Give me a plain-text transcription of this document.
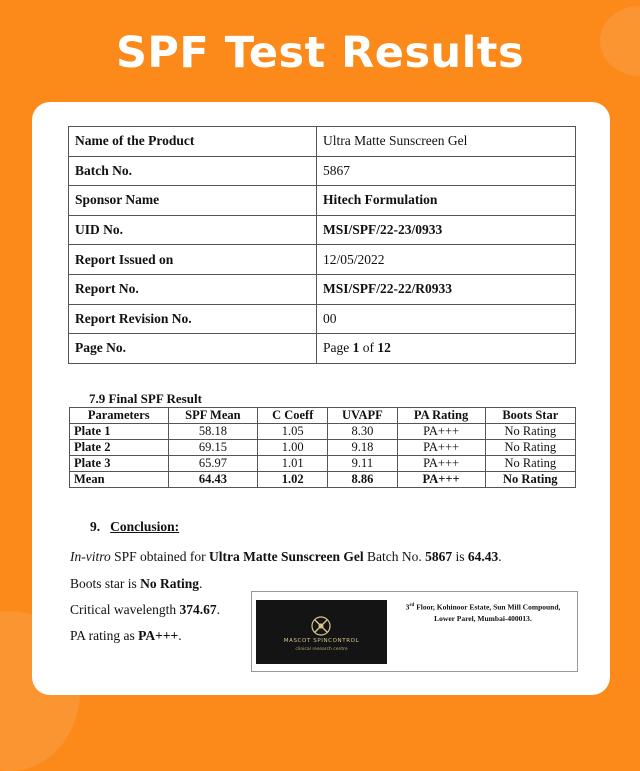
SPF Test Results
Name of the Product	Ultra Matte Sunscreen Gel
Batch No.	5867
Sponsor Name	Hitech Formulation
UID No.	MSI/SPF/22-23/0933
Report Issued on	12/05/2022
Report No.	MSI/SPF/22-22/R0933
Report Revision No.	00
Page No.	Page 1 of 12
7.9 Final SPF Result
Parameters	SPF Mean	C Coeff	UVAPF	PA Rating	Boots Star
Plate 1	58.18	1.05	8.30	PA+++	No Rating
Plate 2	69.15	1.00	9.18	PA+++	No Rating
Plate 3	65.97	1.01	9.11	PA+++	No Rating
Mean	64.43	1.02	8.86	PA+++	No Rating
9. Conclusion:
In-vitro SPF obtained for Ultra Matte Sunscreen Gel Batch No. 5867 is 64.43.
Boots star is No Rating.
Critical wavelength 374.67.
PA rating as PA+++.	MASCOT SPINCONTROL
clinical research centre
3rd Floor, Kohinoor Estate, Sun Mill Compound,
Lower Parel, Mumbai-400013.
